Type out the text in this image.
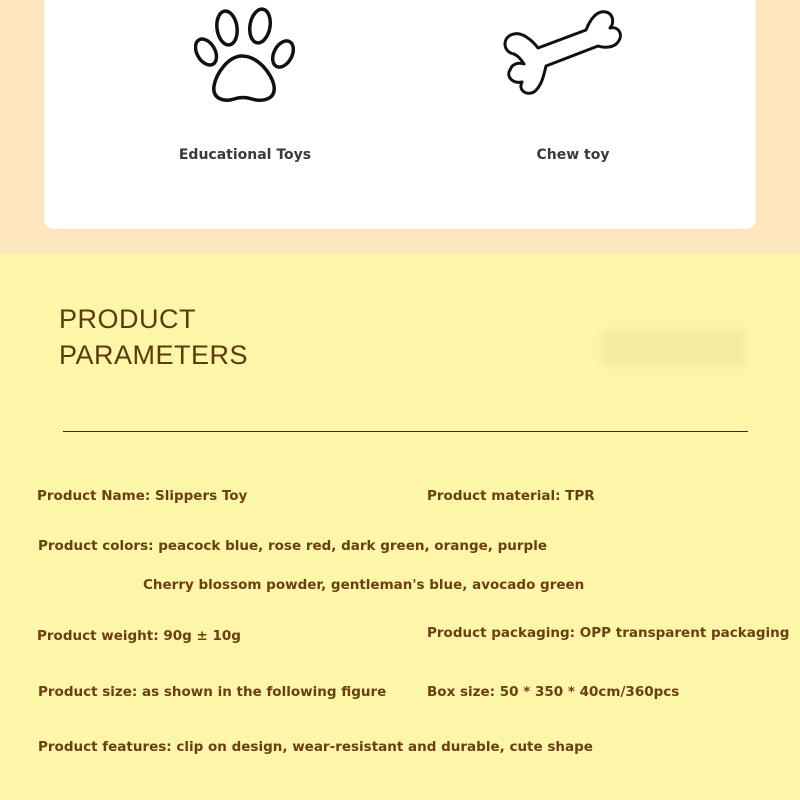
Educational Toys	Chew toy
PRODUCT
PARAMETERS
Product Name: Slippers Toy	Product material: TPR
Product colors: peacock blue, rose red, dark green, orange, purple
Cherry blossom powder, gentleman's blue, avocado green
Product weight: 90g ± 10g	Product packaging: OPP transparent packaging
Product size: as shown in the following figure	Box size: 50 * 350 * 40cm/360pcs
Product features: clip on design, wear-resistant and durable, cute shape
